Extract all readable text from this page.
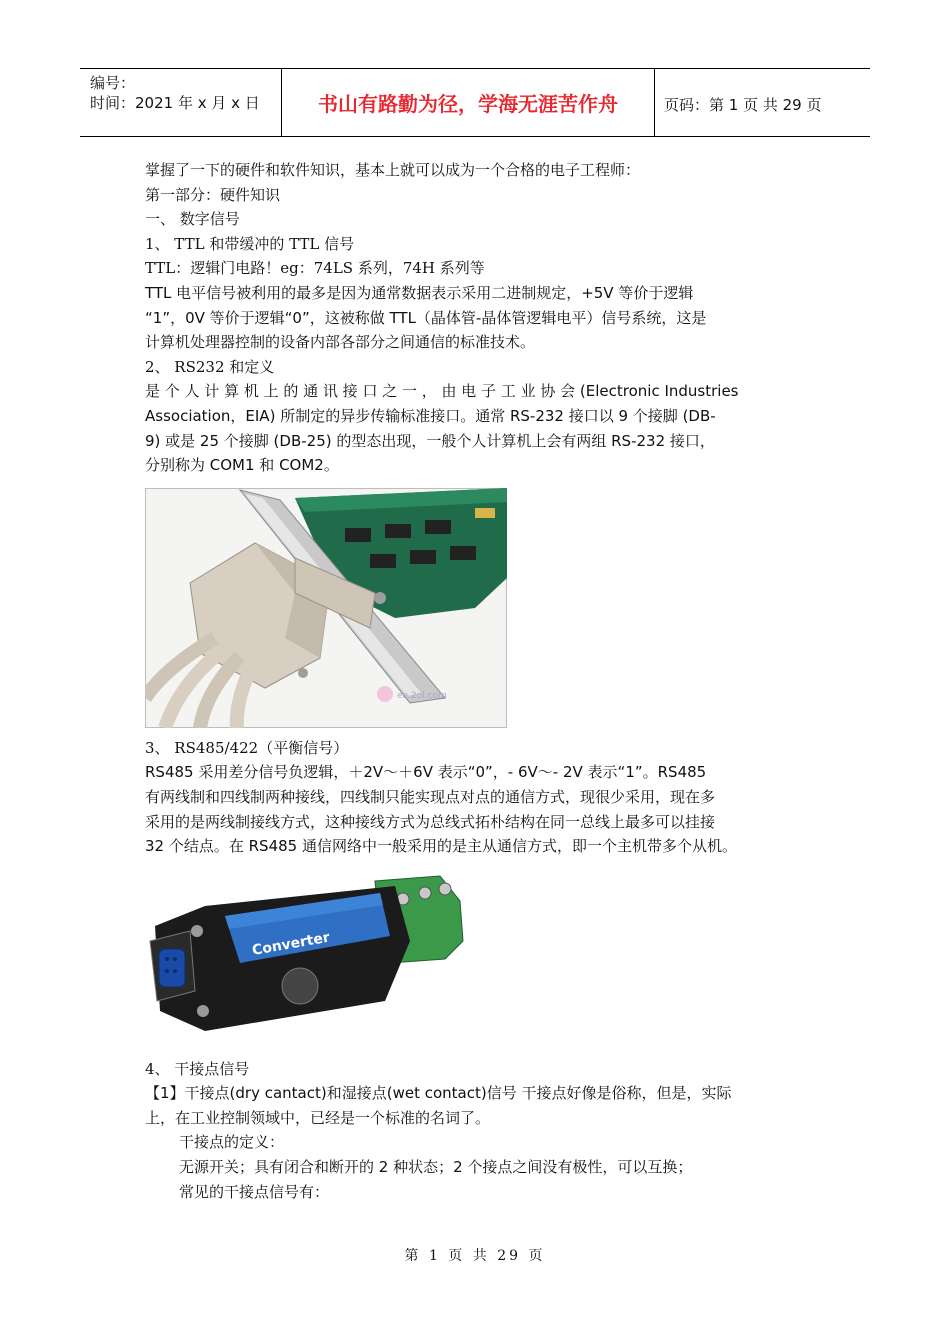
编号：
时间：2021 年 x 月 x 日	书山有路勤为径，学海无涯苦作舟	页码：第 1 页 共 29 页
掌握了一下的硬件和软件知识，基本上就可以成为一个合格的电子工程师：
第一部分：硬件知识
一、 数字信号
1、 TTL 和带缓冲的 TTL 信号
TTL：逻辑门电路！eg：74LS 系列，74H 系列等
TTL 电平信号被利用的最多是因为通常数据表示采用二进制规定，+5V 等价于逻辑
“1”，0V 等价于逻辑“0”，这被称做 TTL（晶体管-晶体管逻辑电平）信号系统，这是
计算机处理器控制的设备内部各部分之间通信的标准技术。
2、 RS232 和定义
是 个 人 计 算 机 上 的 通 讯 接 口 之 一 ， 由 电 子 工 业 协 会 (Electronic Industries
Association，EIA) 所制定的异步传输标准接口。通常 RS-232 接口以 9 个接脚 (DB-
9) 或是 25 个接脚 (DB-25) 的型态出现，一般个人计算机上会有两组 RS-232 接口，
分别称为 COM1 和 COM2。
ee.2ol.com
3、 RS485/422（平衡信号）
RS485 采用差分信号负逻辑，＋2V～＋6V 表示“0”，- 6V～- 2V 表示“1”。RS485
有两线制和四线制两种接线，四线制只能实现点对点的通信方式，现很少采用，现在多
采用的是两线制接线方式，这种接线方式为总线式拓朴结构在同一总线上最多可以挂接
32 个结点。在 RS485 通信网络中一般采用的是主从通信方式，即一个主机带多个从机。
Converter
4、 干接点信号
【1】干接点(dry cantact)和湿接点(wet contact)信号 干接点好像是俗称，但是，实际
上，在工业控制领域中，已经是一个标准的名词了。
干接点的定义：
无源开关；具有闭合和断开的 2 种状态；2 个接点之间没有极性，可以互换；
常见的干接点信号有：
第 1 页 共 29 页
